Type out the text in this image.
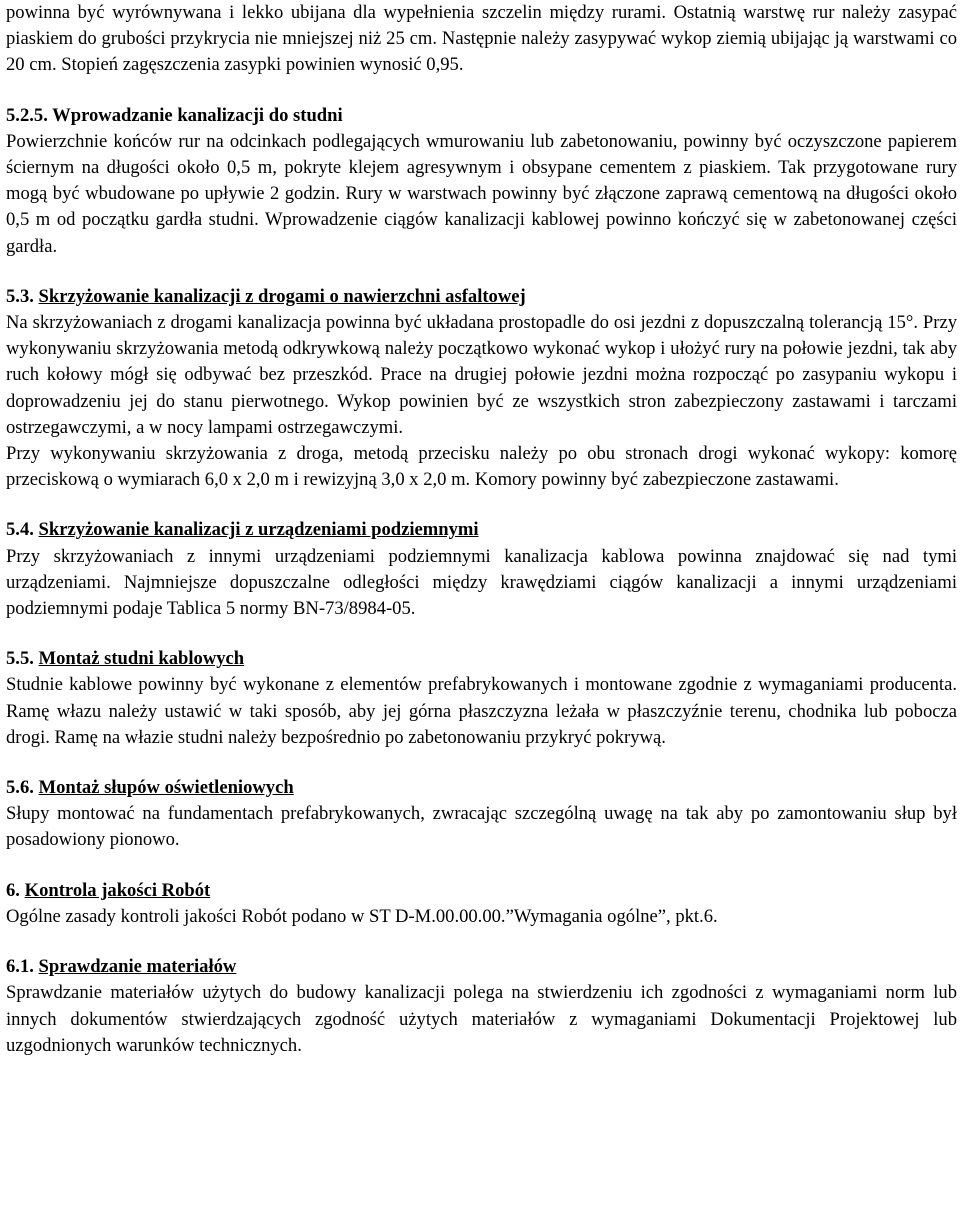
powinna być wyrównywana i lekko ubijana dla wypełnienia szczelin między rurami. Ostatnią warstwę rur należy zasypać piaskiem do grubości przykrycia nie mniejszej niż 25 cm. Następnie należy zasypywać wykop ziemią ubijając ją warstwami co 20 cm. Stopień zagęszczenia zasypki powinien wynosić 0,95.

5.2.5. Wprowadzanie kanalizacji do studni

Powierzchnie końców rur na odcinkach podlegających wmurowaniu lub zabetonowaniu, powinny być oczyszczone papierem ściernym na długości około 0,5 m, pokryte klejem agresywnym i obsypane cementem z piaskiem. Tak przygotowane rury mogą być wbudowane po upływie 2 godzin. Rury w warstwach powinny być złączone zaprawą cementową na długości około 0,5 m od początku gardła studni. Wprowadzenie ciągów kanalizacji kablowej powinno kończyć się w zabetonowanej części gardła.

5.3. Skrzyżowanie kanalizacji z drogami o nawierzchni asfaltowej

Na skrzyżowaniach z drogami kanalizacja powinna być układana prostopadle do osi jezdni z dopuszczalną tolerancją 15°. Przy wykonywaniu skrzyżowania metodą odkrywkową należy początkowo wykonać wykop i ułożyć rury na połowie jezdni, tak aby ruch kołowy mógł się odbywać bez przeszkód. Prace na drugiej połowie jezdni można rozpocząć po zasypaniu wykopu i doprowadzeniu jej do stanu pierwotnego. Wykop powinien być ze wszystkich stron zabezpieczony zastawami i tarczami ostrzegawczymi, a w nocy lampami ostrzegawczymi.

Przy wykonywaniu skrzyżowania z droga, metodą przecisku należy po obu stronach drogi wykonać wykopy: komorę przeciskową o wymiarach 6,0 x 2,0 m i rewizyjną 3,0 x 2,0 m. Komory powinny być zabezpieczone zastawami.

5.4. Skrzyżowanie kanalizacji z urządzeniami podziemnymi

Przy skrzyżowaniach z innymi urządzeniami podziemnymi kanalizacja kablowa powinna znajdować się nad tymi urządzeniami. Najmniejsze dopuszczalne odległości między krawędziami ciągów kanalizacji a innymi urządzeniami podziemnymi podaje Tablica 5 normy BN-73/8984-05.

5.5. Montaż studni kablowych

Studnie kablowe powinny być wykonane z elementów prefabrykowanych i montowane zgodnie z wymaganiami producenta. Ramę włazu należy ustawić w taki sposób, aby jej górna płaszczyzna leżała w płaszczyźnie terenu, chodnika lub pobocza drogi. Ramę na włazie studni należy bezpośrednio po zabetonowaniu przykryć pokrywą.

5.6. Montaż słupów oświetleniowych

Słupy montować na fundamentach prefabrykowanych, zwracając szczególną uwagę na tak aby po zamontowaniu słup był posadowiony pionowo.

6. Kontrola jakości Robót

Ogólne zasady kontroli jakości Robót podano w ST D-M.00.00.00.”Wymagania ogólne”, pkt.6.

6.1. Sprawdzanie materiałów

Sprawdzanie materiałów użytych do budowy kanalizacji polega na stwierdzeniu ich zgodności z wymaganiami norm lub innych dokumentów stwierdzających zgodność użytych materiałów z wymaganiami Dokumentacji Projektowej lub uzgodnionych warunków technicznych.
